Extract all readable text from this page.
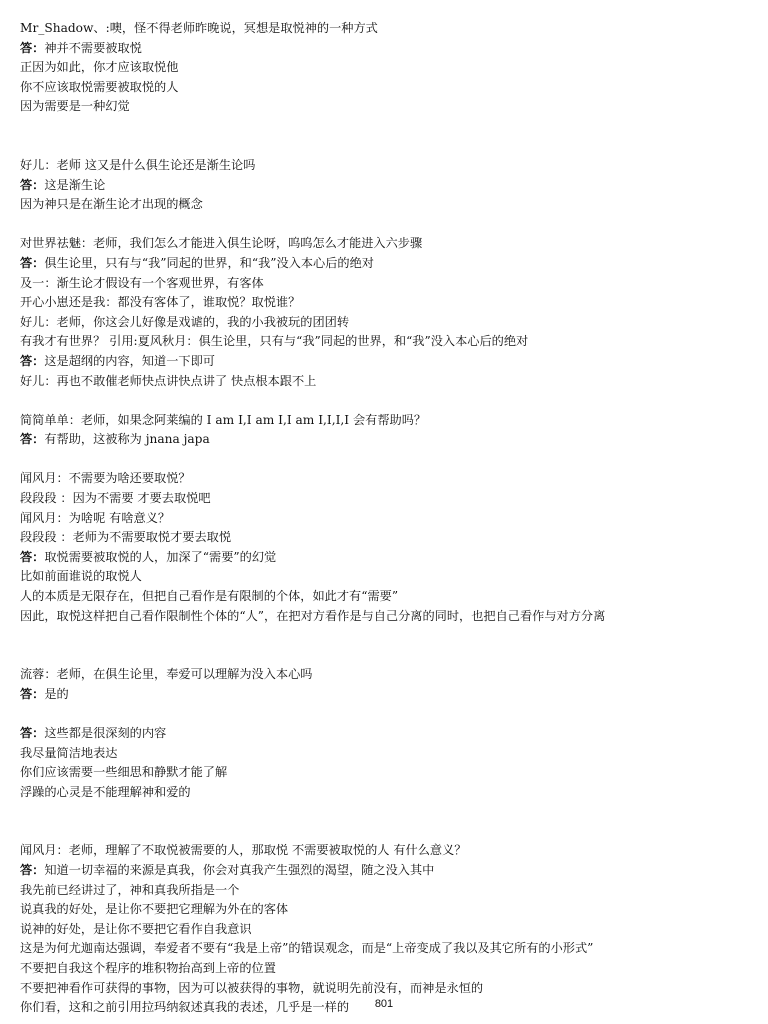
Mr_Shadow、:噢，怪不得老师昨晚说，冥想是取悦神的一种方式
答：神并不需要被取悦
正因为如此，你才应该取悦他
你不应该取悦需要被取悦的人
因为需要是一种幻觉
好儿：老师 这又是什么俱生论还是渐生论吗
答：这是渐生论
因为神只是在渐生论才出现的概念
对世界祛魅：老师，我们怎么才能进入俱生论呀，呜呜怎么才能进入六步骤
答：俱生论里，只有与“我”同起的世界，和“我”没入本心后的绝对
及一：渐生论才假设有一个客观世界，有客体
开心小崽还是我：都没有客体了，谁取悦？取悦谁？
好儿：老师，你这会儿好像是戏谑的，我的小我被玩的团团转
有我才有世界？ 引用:夏风秋月：俱生论里，只有与“我”同起的世界，和“我”没入本心后的绝对
答：这是超纲的内容，知道一下即可
好儿：再也不敢催老师快点讲快点讲了 快点根本跟不上
简简单单：老师，如果念阿莱编的 I am I,I am I,I am I,I,I,I 会有帮助吗？
答：有帮助，这被称为 jnana japa
闻风月：不需要为啥还要取悦？
段段段 ：因为不需要 才要去取悦吧
闻风月：为啥呢 有啥意义？
段段段 ：老师为不需要取悦才要去取悦
答：取悦需要被取悦的人，加深了“需要”的幻觉
比如前面谁说的取悦人
人的本质是无限存在，但把自己看作是有限制的个体，如此才有“需要”
因此，取悦这样把自己看作限制性个体的“人”，在把对方看作是与自己分离的同时，也把自己看作与对方分离
流蓉：老师，在俱生论里，奉爱可以理解为没入本心吗
答：是的
答：这些都是很深刻的内容
我尽量简洁地表达
你们应该需要一些细思和静默才能了解
浮躁的心灵是不能理解神和爱的
闻风月：老师，理解了不取悦被需要的人，那取悦 不需要被取悦的人 有什么意义？
答：知道一切幸福的来源是真我，你会对真我产生强烈的渴望，随之没入其中
我先前已经讲过了，神和真我所指是一个
说真我的好处，是让你不要把它理解为外在的客体
说神的好处，是让你不要把它看作自我意识
这是为何尤迦南达强调，奉爱者不要有“我是上帝”的错误观念，而是“上帝变成了我以及其它所有的小形式”
不要把自我这个程序的堆积物抬高到上帝的位置
不要把神看作可获得的事物，因为可以被获得的事物，就说明先前没有，而神是永恒的
你们看，这和之前引用拉玛纳叙述真我的表述，几乎是一样的	801
